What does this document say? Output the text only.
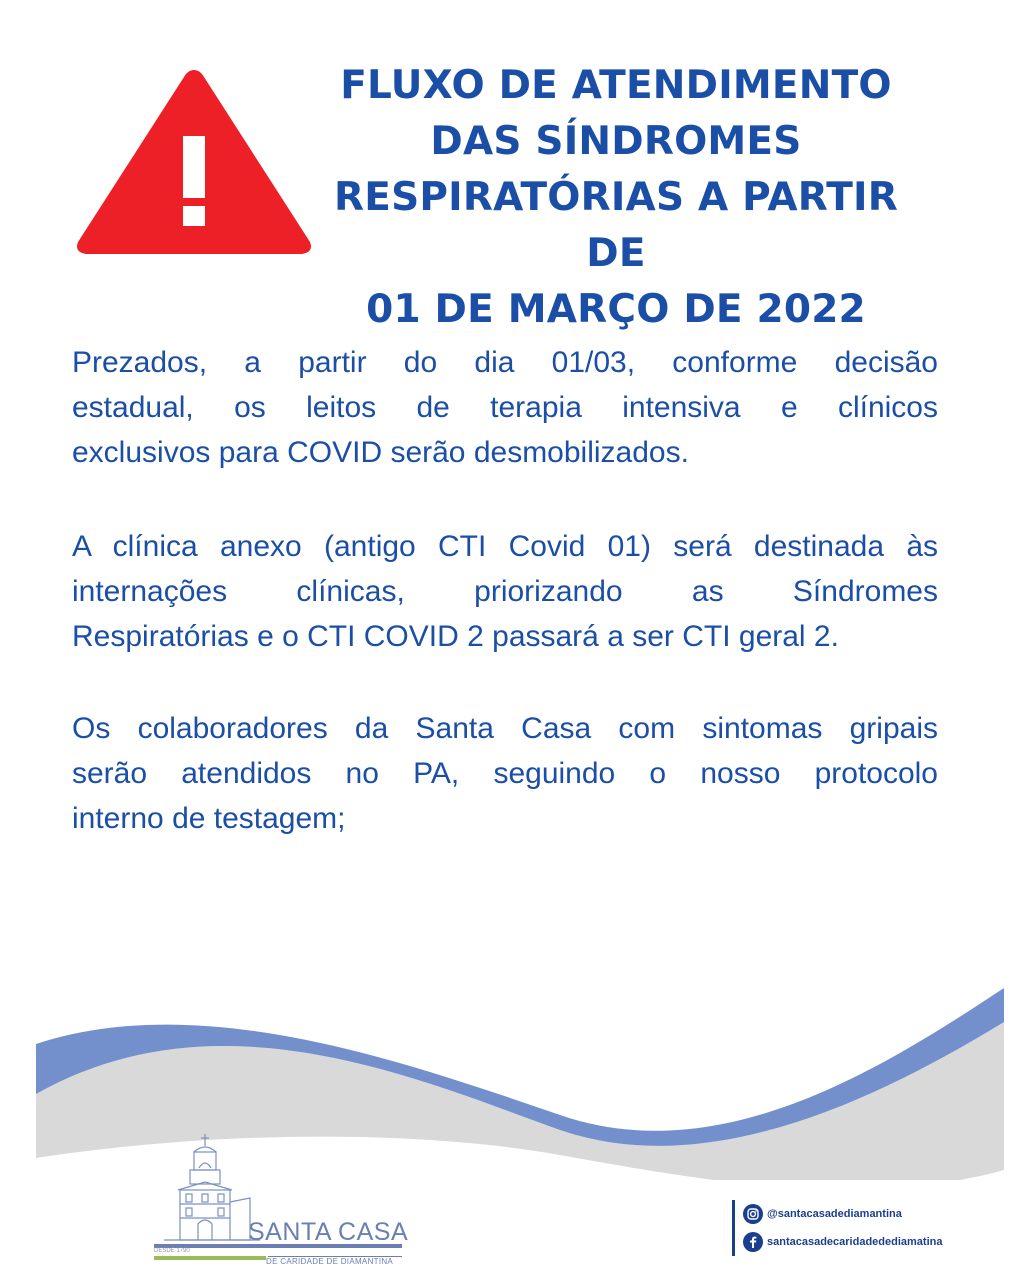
FLUXO DE ATENDIMENTO
DAS SÍNDROMES
RESPIRATÓRIAS A PARTIR DE
01 DE MARÇO DE 2022

Prezados, a partir do dia 01/03, conforme decisão
estadual, os leitos de terapia intensiva e clínicos
exclusivos para COVID serão desmobilizados.

A clínica anexo (antigo CTI Covid 01) será destinada às
internações clínicas, priorizando as Síndromes
Respiratórias e o CTI COVID 2 passará a ser CTI geral 2.

Os colaboradores da Santa Casa com sintomas gripais
serão atendidos no PA, seguindo o nosso protocolo
interno de testagem;

SANTA CASA
DE CARIDADE DE DIAMANTINA
DESDE 1790
@santacasadediamantina
santacasadecaridadedediamatina
